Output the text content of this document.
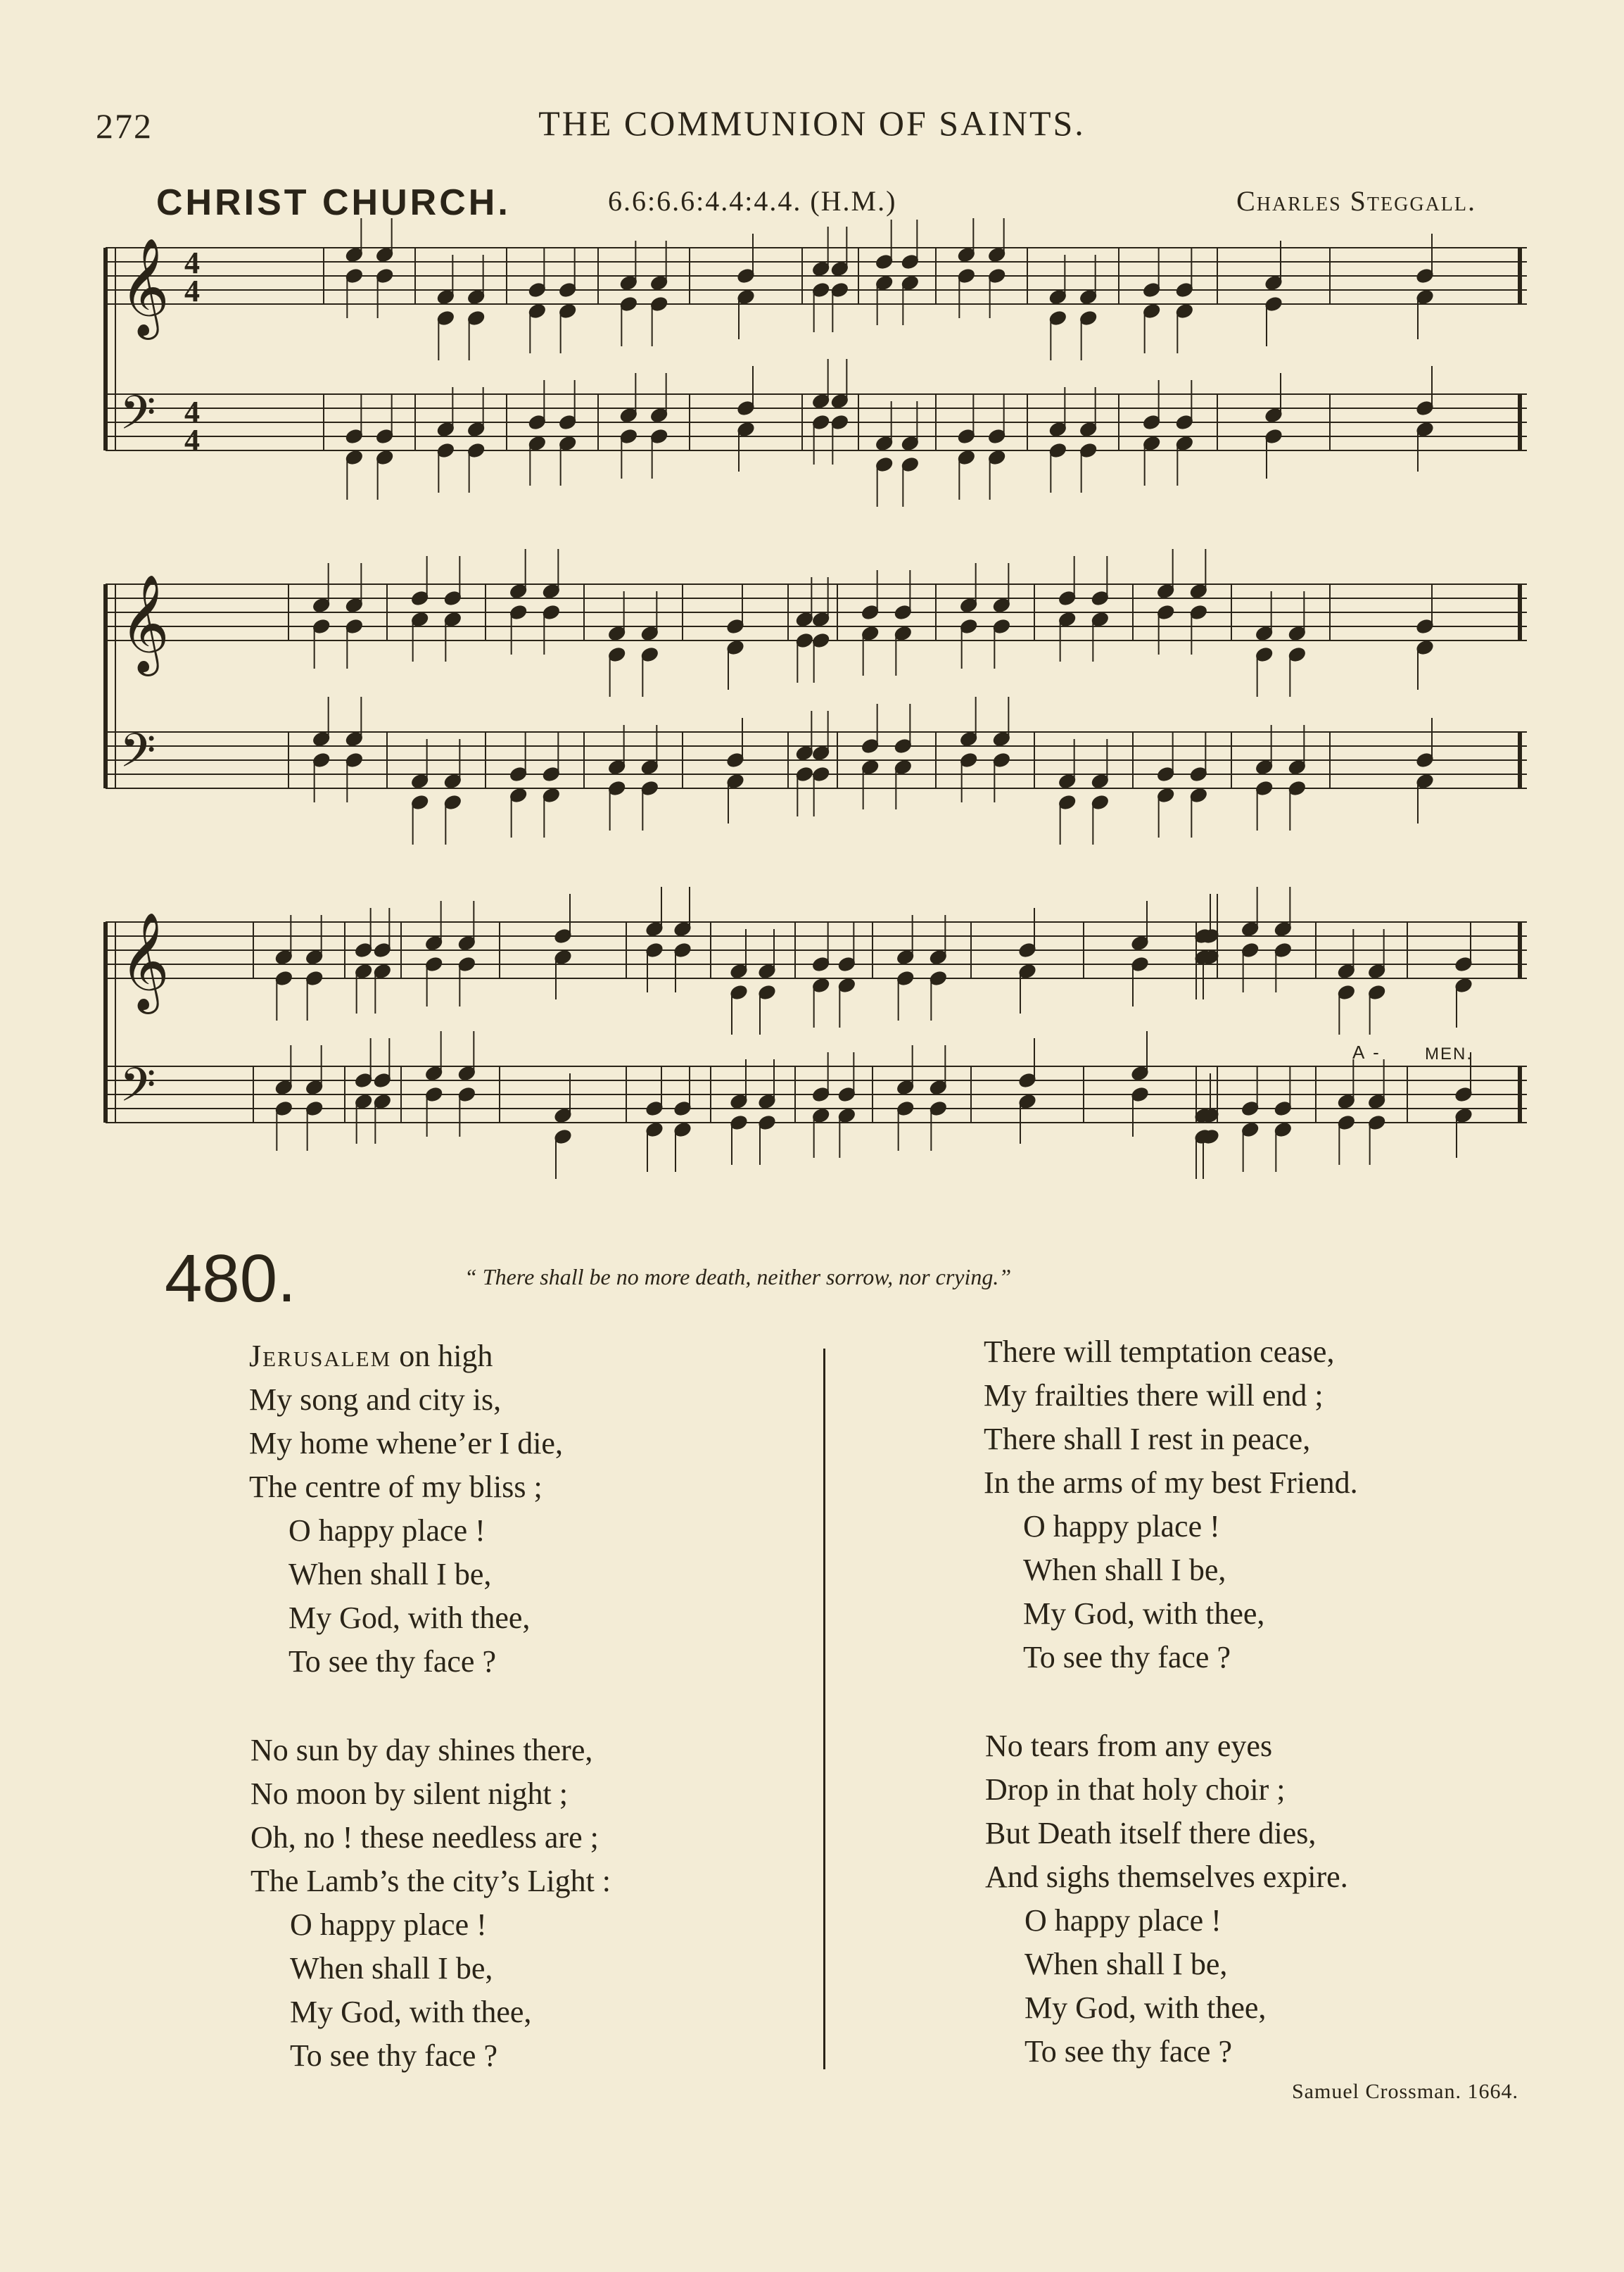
272	THE COMMUNION OF SAINTS.
CHRIST CHURCH.	6.6:6.6:4.4:4.4. (H.M.)	Charles Steggall.
𝄞
𝄢
𝄞
𝄢
𝄞
𝄢
4
4
4
4
A -	MEN.
480.	“ There shall be no more death, neither sorrow, nor crying.”
Jerusalem on high
My song and city is,
My home whene’er I die,
The centre of my bliss ;
O happy place !
When shall I be,
My God, with thee,
To see thy face ?
No sun by day shines there,
No moon by silent night ;
Oh, no ! these needless are ;
The Lamb’s the city’s Light :
O happy place !
When shall I be,
My God, with thee,
To see thy face ?
There will temptation cease,
My frailties there will end ;
There shall I rest in peace,
In the arms of my best Friend.
O happy place !
When shall I be,
My God, with thee,
To see thy face ?
No tears from any eyes
Drop in that holy choir ;
But Death itself there dies,
And sighs themselves expire.
O happy place !
When shall I be,
My God, with thee,
To see thy face ?
Samuel Crossman. 1664.
